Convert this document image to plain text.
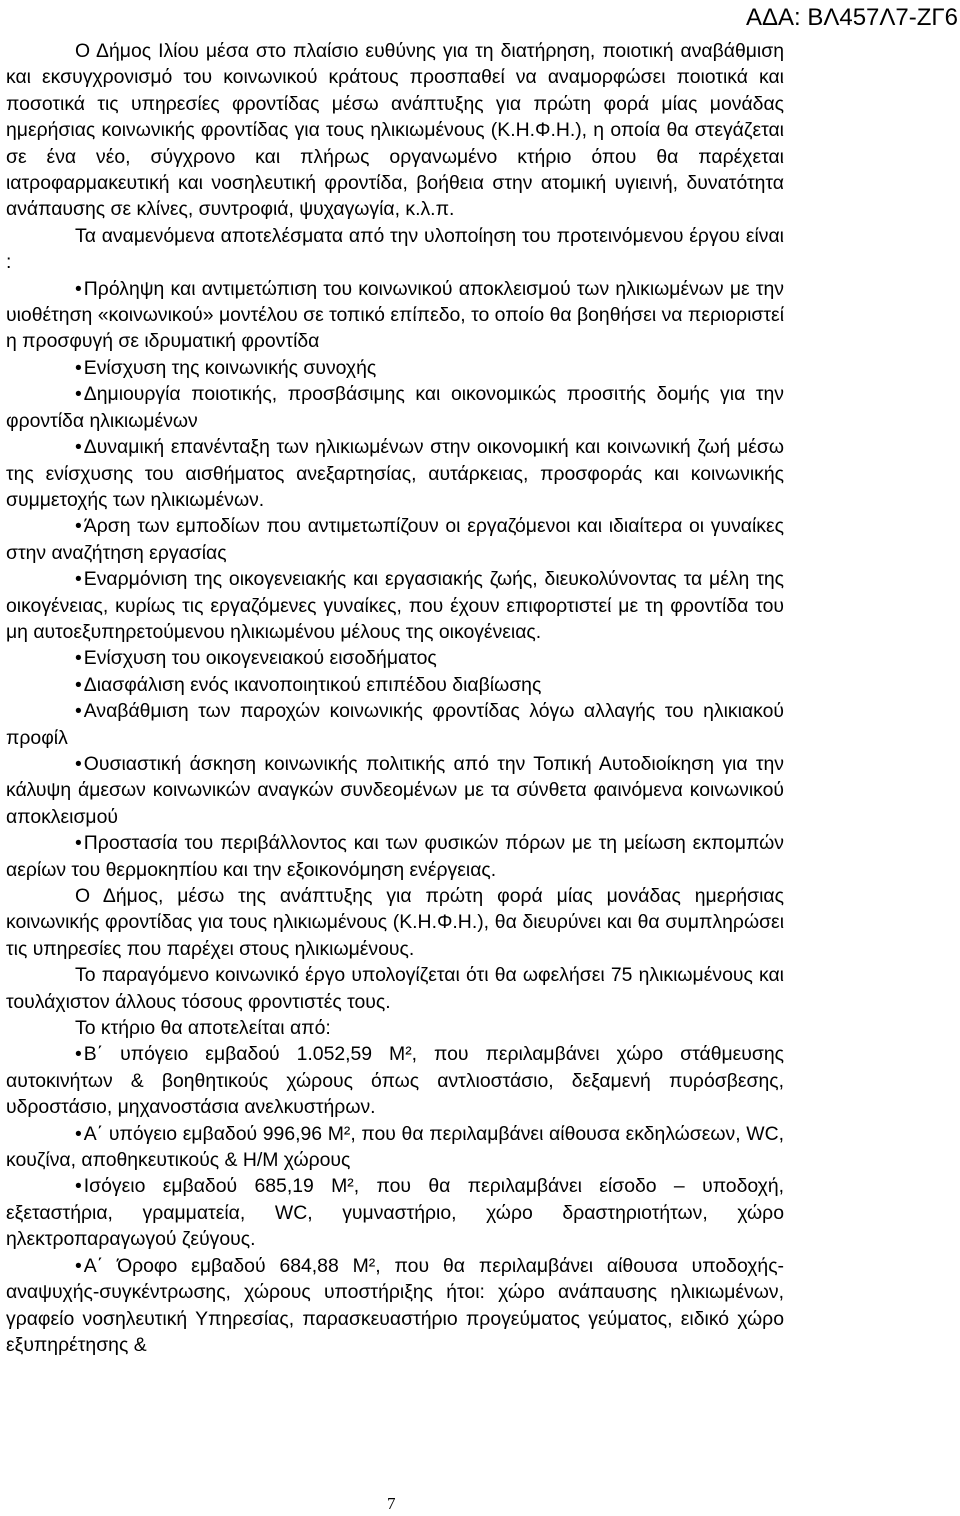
ΑΔΑ: ΒΛ457Λ7-ΖΓ6

Ο Δήμος Ιλίου μέσα στο πλαίσιο ευθύνης για τη διατήρηση, ποιοτική αναβάθμιση και εκσυγχρονισμό του κοινωνικού κράτους προσπαθεί να αναμορφώσει ποιοτικά και ποσοτικά τις υπηρεσίες φροντίδας μέσω ανάπτυξης για πρώτη φορά μίας μονάδας ημερήσιας κοινωνικής φροντίδας για τους ηλικιωμένους (Κ.Η.Φ.Η.), η οποία θα στεγάζεται σε ένα νέο, σύγχρονο και πλήρως οργανωμένο κτήριο όπου θα παρέχεται ιατροφαρμακευτική και νοσηλευτική φροντίδα, βοήθεια στην ατομική υγιεινή, δυνατότητα ανάπαυσης σε κλίνες, συντροφιά, ψυχαγωγία, κ.λ.π.

Τα αναμενόμενα αποτελέσματα από την υλοποίηση του προτεινόμενου έργου είναι :

• Πρόληψη και αντιμετώπιση του κοινωνικού αποκλεισμού των ηλικιωμένων με την υιοθέτηση «κοινωνικού» μοντέλου σε τοπικό επίπεδο, το οποίο θα βοηθήσει να περιοριστεί η προσφυγή σε ιδρυματική φροντίδα

• Ενίσχυση της κοινωνικής συνοχής

• Δημιουργία ποιοτικής, προσβάσιμης και οικονομικώς προσιτής δομής για την φροντίδα ηλικιωμένων

• Δυναμική επανένταξη των ηλικιωμένων στην οικονομική και κοινωνική ζωή μέσω της ενίσχυσης του αισθήματος ανεξαρτησίας, αυτάρκειας, προσφοράς και κοινωνικής συμμετοχής των ηλικιωμένων.

• Άρση των εμποδίων που αντιμετωπίζουν οι εργαζόμενοι και ιδιαίτερα οι γυναίκες στην αναζήτηση εργασίας

• Εναρμόνιση της οικογενειακής και εργασιακής ζωής, διευκολύνοντας τα μέλη της οικογένειας, κυρίως τις εργαζόμενες γυναίκες, που έχουν επιφορτιστεί με τη φροντίδα του μη αυτοεξυπηρετούμενου ηλικιωμένου μέλους της οικογένειας.

• Ενίσχυση του οικογενειακού εισοδήματος

• Διασφάλιση ενός ικανοποιητικού επιπέδου διαβίωσης

• Αναβάθμιση των παροχών κοινωνικής φροντίδας λόγω αλλαγής του ηλικιακού προφίλ

• Ουσιαστική άσκηση κοινωνικής πολιτικής από την Τοπική Αυτοδιοίκηση για την κάλυψη άμεσων κοινωνικών αναγκών συνδεομένων με τα σύνθετα φαινόμενα κοινωνικού αποκλεισμού

• Προστασία του περιβάλλοντος και των φυσικών πόρων με τη μείωση εκπομπών αερίων του θερμοκηπίου και την εξοικονόμηση ενέργειας.

Ο Δήμος, μέσω της ανάπτυξης για πρώτη φορά μίας μονάδας ημερήσιας κοινωνικής φροντίδας για τους ηλικιωμένους (Κ.Η.Φ.Η.), θα διευρύνει και θα συμπληρώσει τις υπηρεσίες που παρέχει στους ηλικιωμένους.

Το παραγόμενο κοινωνικό έργο υπολογίζεται ότι θα ωφελήσει 75 ηλικιωμένους και τουλάχιστον άλλους τόσους φροντιστές τους.

Το κτήριο θα αποτελείται από:

• Β΄ υπόγειο εμβαδού 1.052,59 Μ², που περιλαμβάνει χώρο στάθμευσης αυτοκινήτων & βοηθητικούς χώρους όπως αντλιοστάσιο, δεξαμενή πυρόσβεσης, υδροστάσιο, μηχανοστάσια ανελκυστήρων.

• Α΄ υπόγειο εμβαδού 996,96 Μ², που θα περιλαμβάνει αίθουσα εκδηλώσεων, WC, κουζίνα, αποθηκευτικούς & Η/Μ χώρους

• Ισόγειο εμβαδού 685,19 Μ², που θα περιλαμβάνει είσοδο – υποδοχή, εξεταστήρια, γραμματεία, WC, γυμναστήριο, χώρο δραστηριοτήτων, χώρο ηλεκτροπαραγωγού ζεύγους.

• Α΄ Όροφο εμβαδού 684,88 Μ², που θα περιλαμβάνει αίθουσα υποδοχής-αναψυχής-συγκέντρωσης, χώρους υποστήριξης ήτοι: χώρο ανάπαυσης ηλικιωμένων, γραφείο νοσηλευτική Υπηρεσίας, παρασκευαστήριο προγεύματος γεύματος, ειδικό χώρο εξυπηρέτησης &

7
